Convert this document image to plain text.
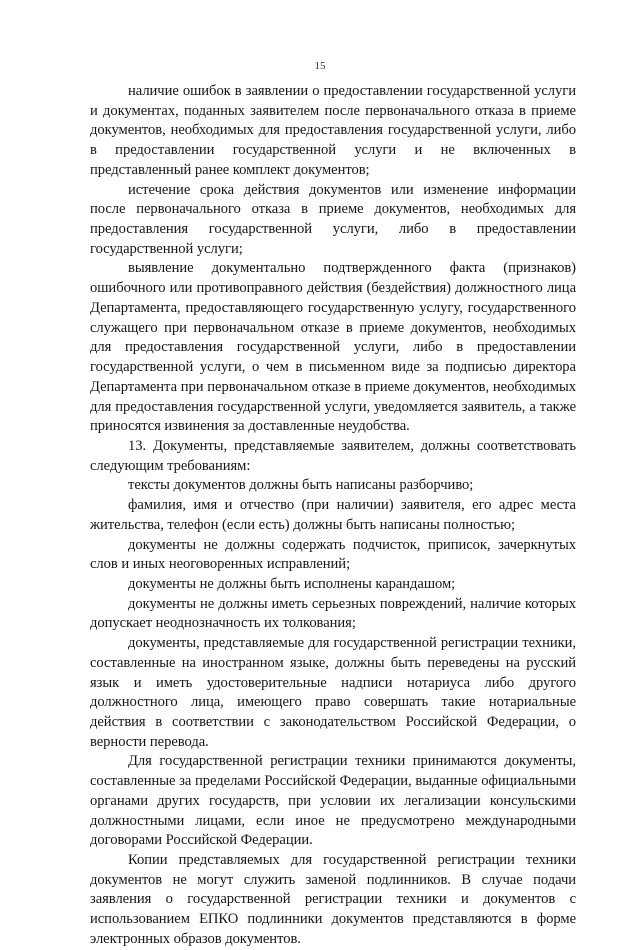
15

наличие ошибок в заявлении о предоставлении государственной услуги и документах, поданных заявителем после первоначального отказа в приеме документов, необходимых для предоставления государственной услуги, либо в предоставлении государственной услуги и не включенных в представленный ранее комплект документов;

истечение срока действия документов или изменение информации после первоначального отказа в приеме документов, необходимых для предоставления государственной услуги, либо в предоставлении государственной услуги;

выявление документально подтвержденного факта (признаков) ошибочного или противоправного действия (бездействия) должностного лица Департамента, предоставляющего государственную услугу, государственного служащего при первоначальном отказе в приеме документов, необходимых для предоставления государственной услуги, либо в предоставлении государственной услуги, о чем в письменном виде за подписью директора Департамента при первоначальном отказе в приеме документов, необходимых для предоставления государственной услуги, уведомляется заявитель, а также приносятся извинения за доставленные неудобства.

13. Документы, представляемые заявителем, должны соответствовать следующим требованиям:

тексты документов должны быть написаны разборчиво;

фамилия, имя и отчество (при наличии) заявителя, его адрес места жительства, телефон (если есть) должны быть написаны полностью;

документы не должны содержать подчисток, приписок, зачеркнутых слов и иных неоговоренных исправлений;

документы не должны быть исполнены карандашом;

документы не должны иметь серьезных повреждений, наличие которых допускает неоднозначность их толкования;

документы, представляемые для государственной регистрации техники, составленные на иностранном языке, должны быть переведены на русский язык и иметь удостоверительные надписи нотариуса либо другого должностного лица, имеющего право совершать такие нотариальные действия в соответствии с законодательством Российской Федерации, о верности перевода.

Для государственной регистрации техники принимаются документы, составленные за пределами Российской Федерации, выданные официальными органами других государств, при условии их легализации консульскими должностными лицами, если иное не предусмотрено международными договорами Российской Федерации.

Копии представляемых для государственной регистрации техники документов не могут служить заменой подлинников. В случае подачи заявления о государственной регистрации техники и документов с использованием ЕПКО подлинники документов представляются в форме электронных образов документов.
